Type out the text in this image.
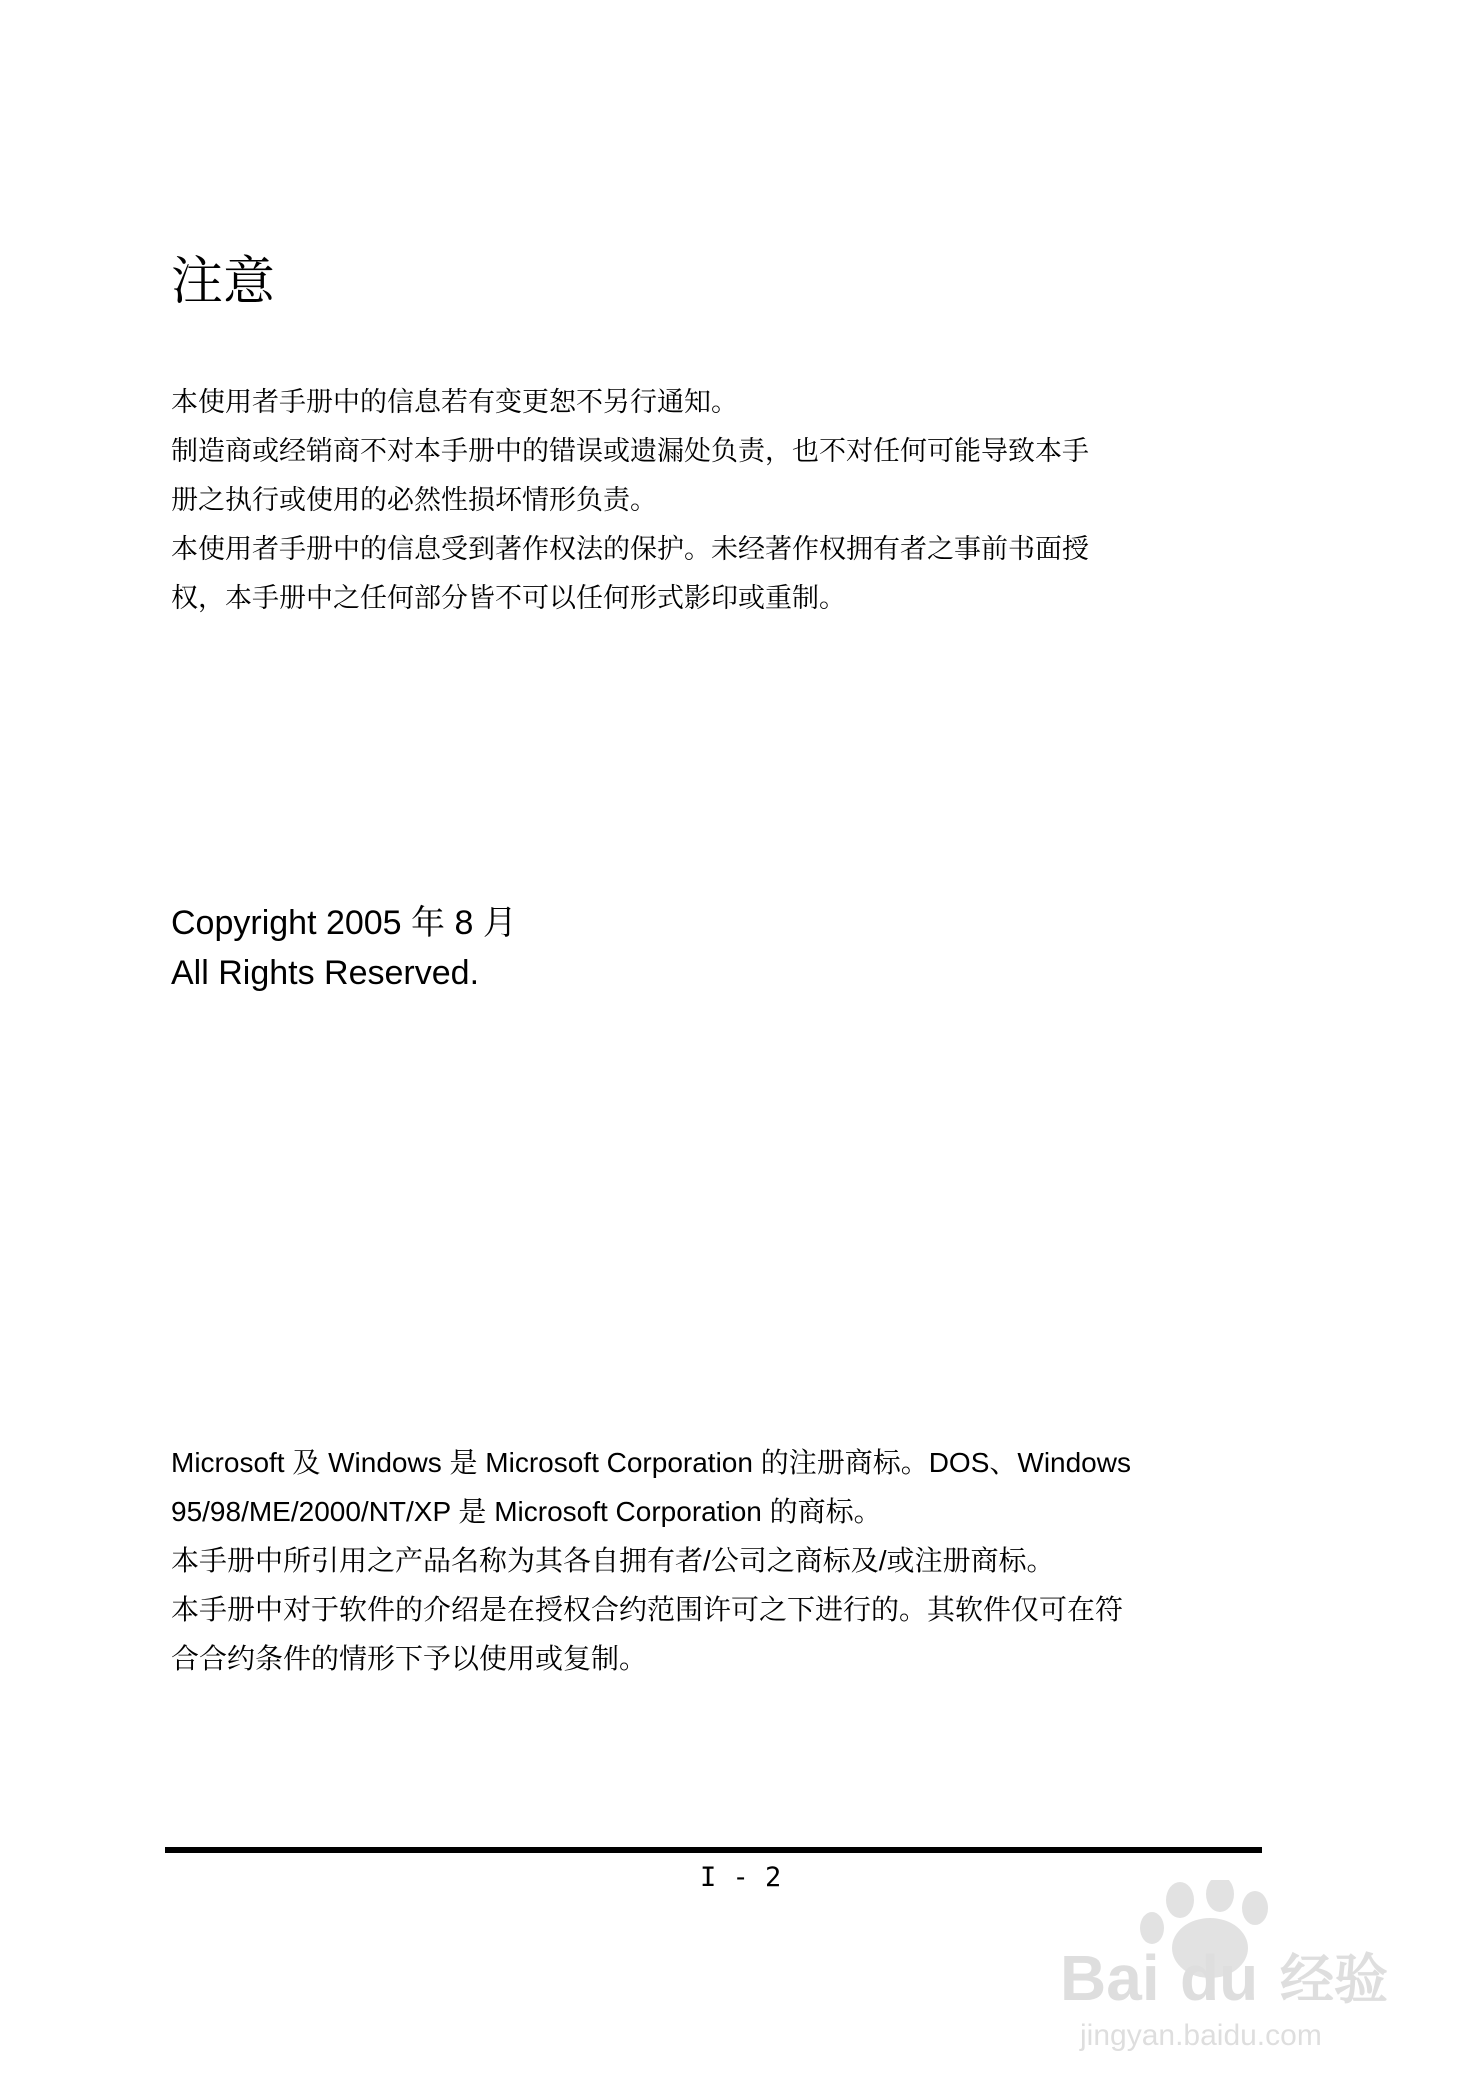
注意

本使用者手册中的信息若有变更恕不另行通知。

制造商或经销商不对本手册中的错误或遗漏处负责，也不对任何可能导致本手

册之执行或使用的必然性损坏情形负责。

本使用者手册中的信息受到著作权法的保护。未经著作权拥有者之事前书面授

权，本手册中之任何部分皆不可以任何形式影印或重制。

Copyright 2005 年 8 月

All Rights Reserved.

Microsoft 及 Windows 是 Microsoft Corporation 的注册商标。DOS、Windows

95/98/ME/2000/NT/XP 是 Microsoft Corporation 的商标。

本手册中所引用之产品名称为其各自拥有者/公司之商标及/或注册商标。

本手册中对于软件的介绍是在授权合约范围许可之下进行的。其软件仅可在符

合合约条件的情形下予以使用或复制。

I - 2
Bai du 经验
jingyan.baidu.com
